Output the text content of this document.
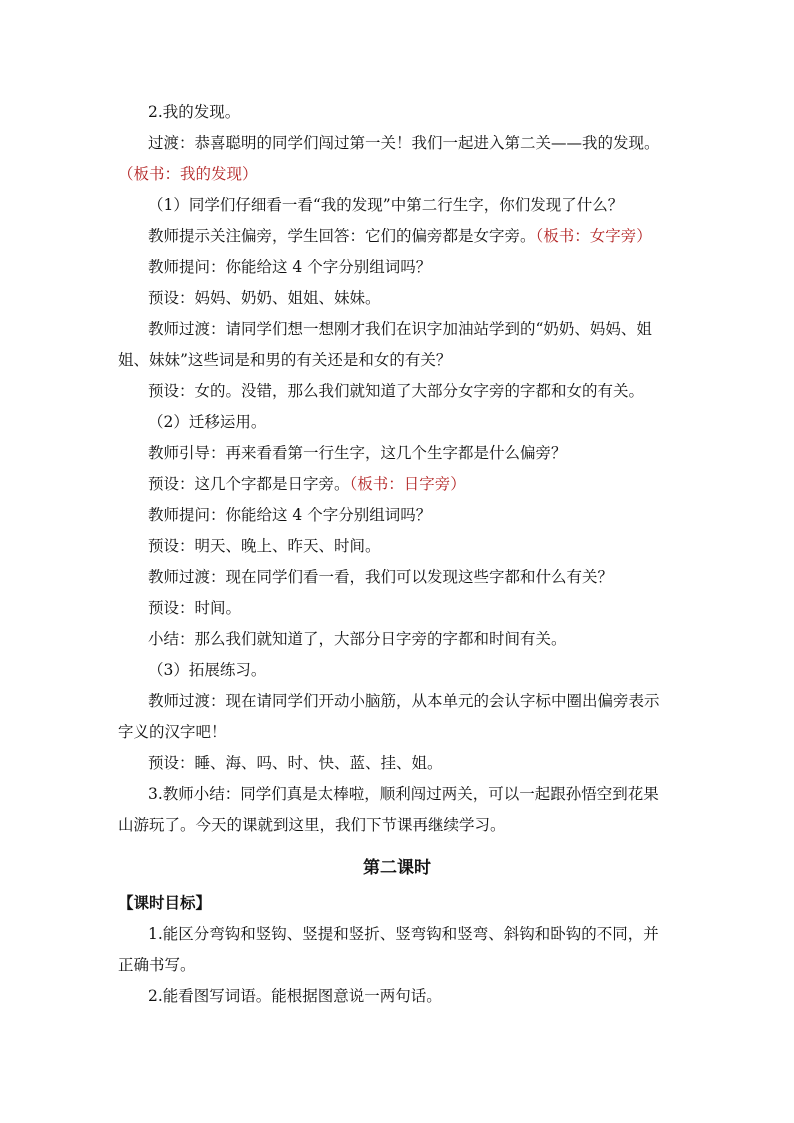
2.我的发现。
过渡：恭喜聪明的同学们闯过第一关！我们一起进入第二关——我的发现。
（板书：我的发现）
（1）同学们仔细看一看“我的发现”中第二行生字，你们发现了什么？
教师提示关注偏旁，学生回答：它们的偏旁都是女字旁。（板书：女字旁）
教师提问：你能给这 4 个字分别组词吗？
预设：妈妈、奶奶、姐姐、妹妹。
教师过渡：请同学们想一想刚才我们在识字加油站学到的“奶奶、妈妈、姐
姐、妹妹”这些词是和男的有关还是和女的有关？
预设：女的。没错，那么我们就知道了大部分女字旁的字都和女的有关。
（2）迁移运用。
教师引导：再来看看第一行生字，这几个生字都是什么偏旁？
预设：这几个字都是日字旁。（板书：日字旁）
教师提问：你能给这 4 个字分别组词吗？
预设：明天、晚上、昨天、时间。
教师过渡：现在同学们看一看，我们可以发现这些字都和什么有关？
预设：时间。
小结：那么我们就知道了，大部分日字旁的字都和时间有关。
（3）拓展练习。
教师过渡：现在请同学们开动小脑筋，从本单元的会认字标中圈出偏旁表示
字义的汉字吧！
预设：睡、海、吗、时、快、蓝、挂、姐。
3.教师小结：同学们真是太棒啦，顺利闯过两关，可以一起跟孙悟空到花果
山游玩了。今天的课就到这里，我们下节课再继续学习。
第二课时
【课时目标】
1.能区分弯钩和竖钩、竖提和竖折、竖弯钩和竖弯、斜钩和卧钩的不同，并
正确书写。
2.能看图写词语。能根据图意说一两句话。
